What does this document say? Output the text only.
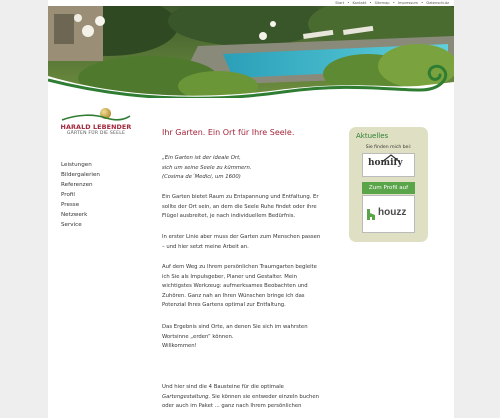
Start • Kontakt • Sitemap • Impressum • Datenschutz
HARALD LEBENDER
GÄRTEN FÜR DIE SEELE
Leistungen
Bildergalerien
Referenzen
Profil
Presse
Netzwerk
Service
Ihr Garten. Ein Ort für Ihre Seele.
„Ein Garten ist der ideale Ort,
sich um seine Seele zu kümmern.
(Cosima de´Medici, um 1600)
Ein Garten bietet Raum zu Entspannung und Entfaltung. Er
sollte der Ort sein, an dem die Seele Ruhe findet oder ihre
Flügel ausbreitet, je nach individuellem Bedürfnis.
In erster Linie aber muss der Garten zum Menschen passen
– und hier setzt meine Arbeit an.
Auf dem Weg zu Ihrem persönlichen Traumgarten begleite
ich Sie als Impulsgeber, Planer und Gestalter. Mein
wichtigstes Werkzeug: aufmerksames Beobachten und
Zuhören. Ganz nah an Ihren Wünschen bringe ich das
Potenzial Ihres Gartens optimal zur Entfaltung.
Das Ergebnis sind Orte, an denen Sie sich im wahrsten
Wortsinne „erden“ können.
Willkommen!
Und hier sind die 4 Bausteine für die optimale
Gartengestaltung. Sie können sie entweder einzeln buchen
oder auch im Paket ... ganz nach Ihrem persönlichen
Aktuelles
Sie finden mich bei:
homify
Zum Profil auf
houzz
